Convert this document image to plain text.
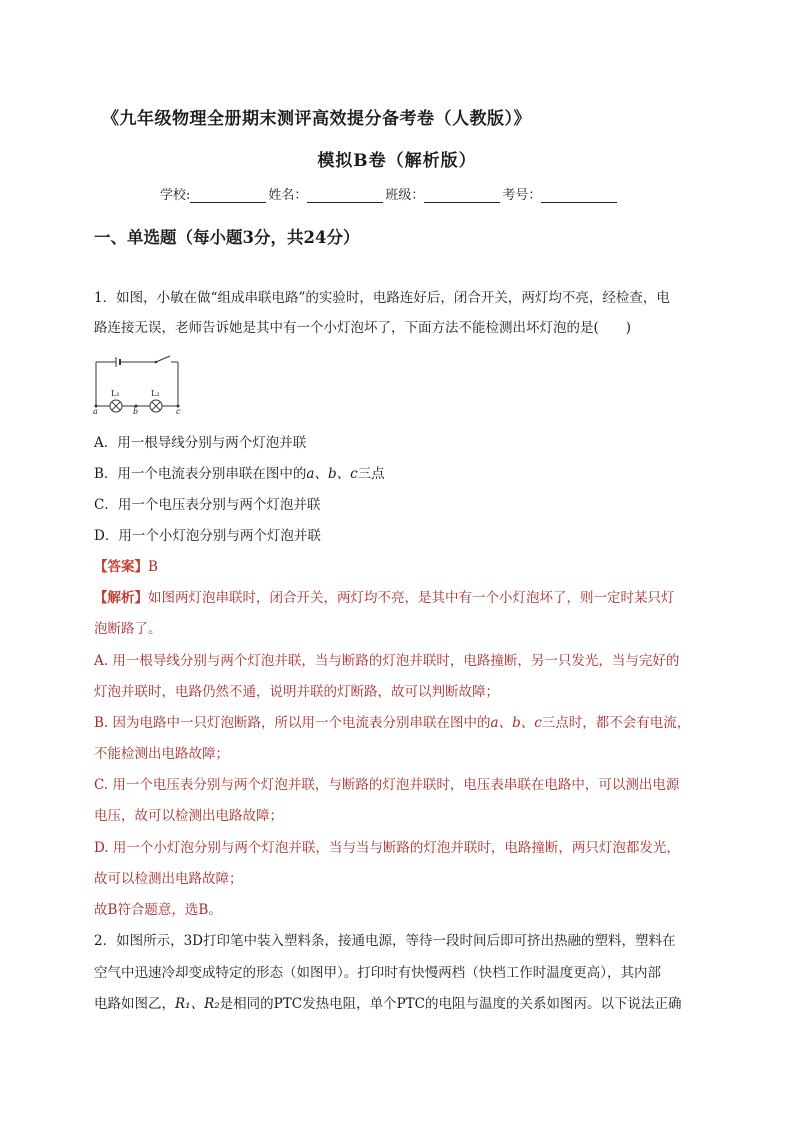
《九年级物理全册期末测评高效提分备考卷（人教版）》
模拟B卷（解析版）
学校:	姓名：	班级：	考号：
一、单选题（每小题3分，共24分）
1．如图，小敏在做“组成串联电路”的实验时，电路连好后，闭合开关，两灯均不亮，经检查，电
路连接无误，老师告诉她是其中有一个小灯泡坏了，下面方法不能检测出坏灯泡的是(　　)
L₁	L₂
a	b	c
A．用一根导线分别与两个灯泡并联
B．用一个电流表分别串联在图中的a、b、c三点
C．用一个电压表分别与两个灯泡并联
D．用一个小灯泡分别与两个灯泡并联
【答案】B
【解析】如图两灯泡串联时，闭合开关，两灯均不亮，是其中有一个小灯泡坏了，则一定时某只灯
泡断路了。
A. 用一根导线分别与两个灯泡并联，当与断路的灯泡并联时，电路撞断，另一只发光，当与完好的
灯泡并联时，电路仍然不通，说明并联的灯断路，故可以判断故障；
B. 因为电路中一只灯泡断路，所以用一个电流表分别串联在图中的a、b、c三点时，都不会有电流，
不能检测出电路故障；
C. 用一个电压表分别与两个灯泡并联，与断路的灯泡并联时，电压表串联在电路中，可以测出电源
电压，故可以检测出电路故障；
D. 用一个小灯泡分别与两个灯泡并联，当与当与断路的灯泡并联时，电路撞断，两只灯泡都发光，
故可以检测出电路故障；
故B符合题意，选B。
2．如图所示，3D打印笔中装入塑料条，接通电源，等待一段时间后即可挤出热融的塑料，塑料在
空气中迅速冷却变成特定的形态（如图甲）。打印时有快慢两档（快档工作时温度更高），其内部
电路如图乙，R₁、R₂是相同的PTC发热电阻，单个PTC的电阻与温度的关系如图丙。以下说法正确
